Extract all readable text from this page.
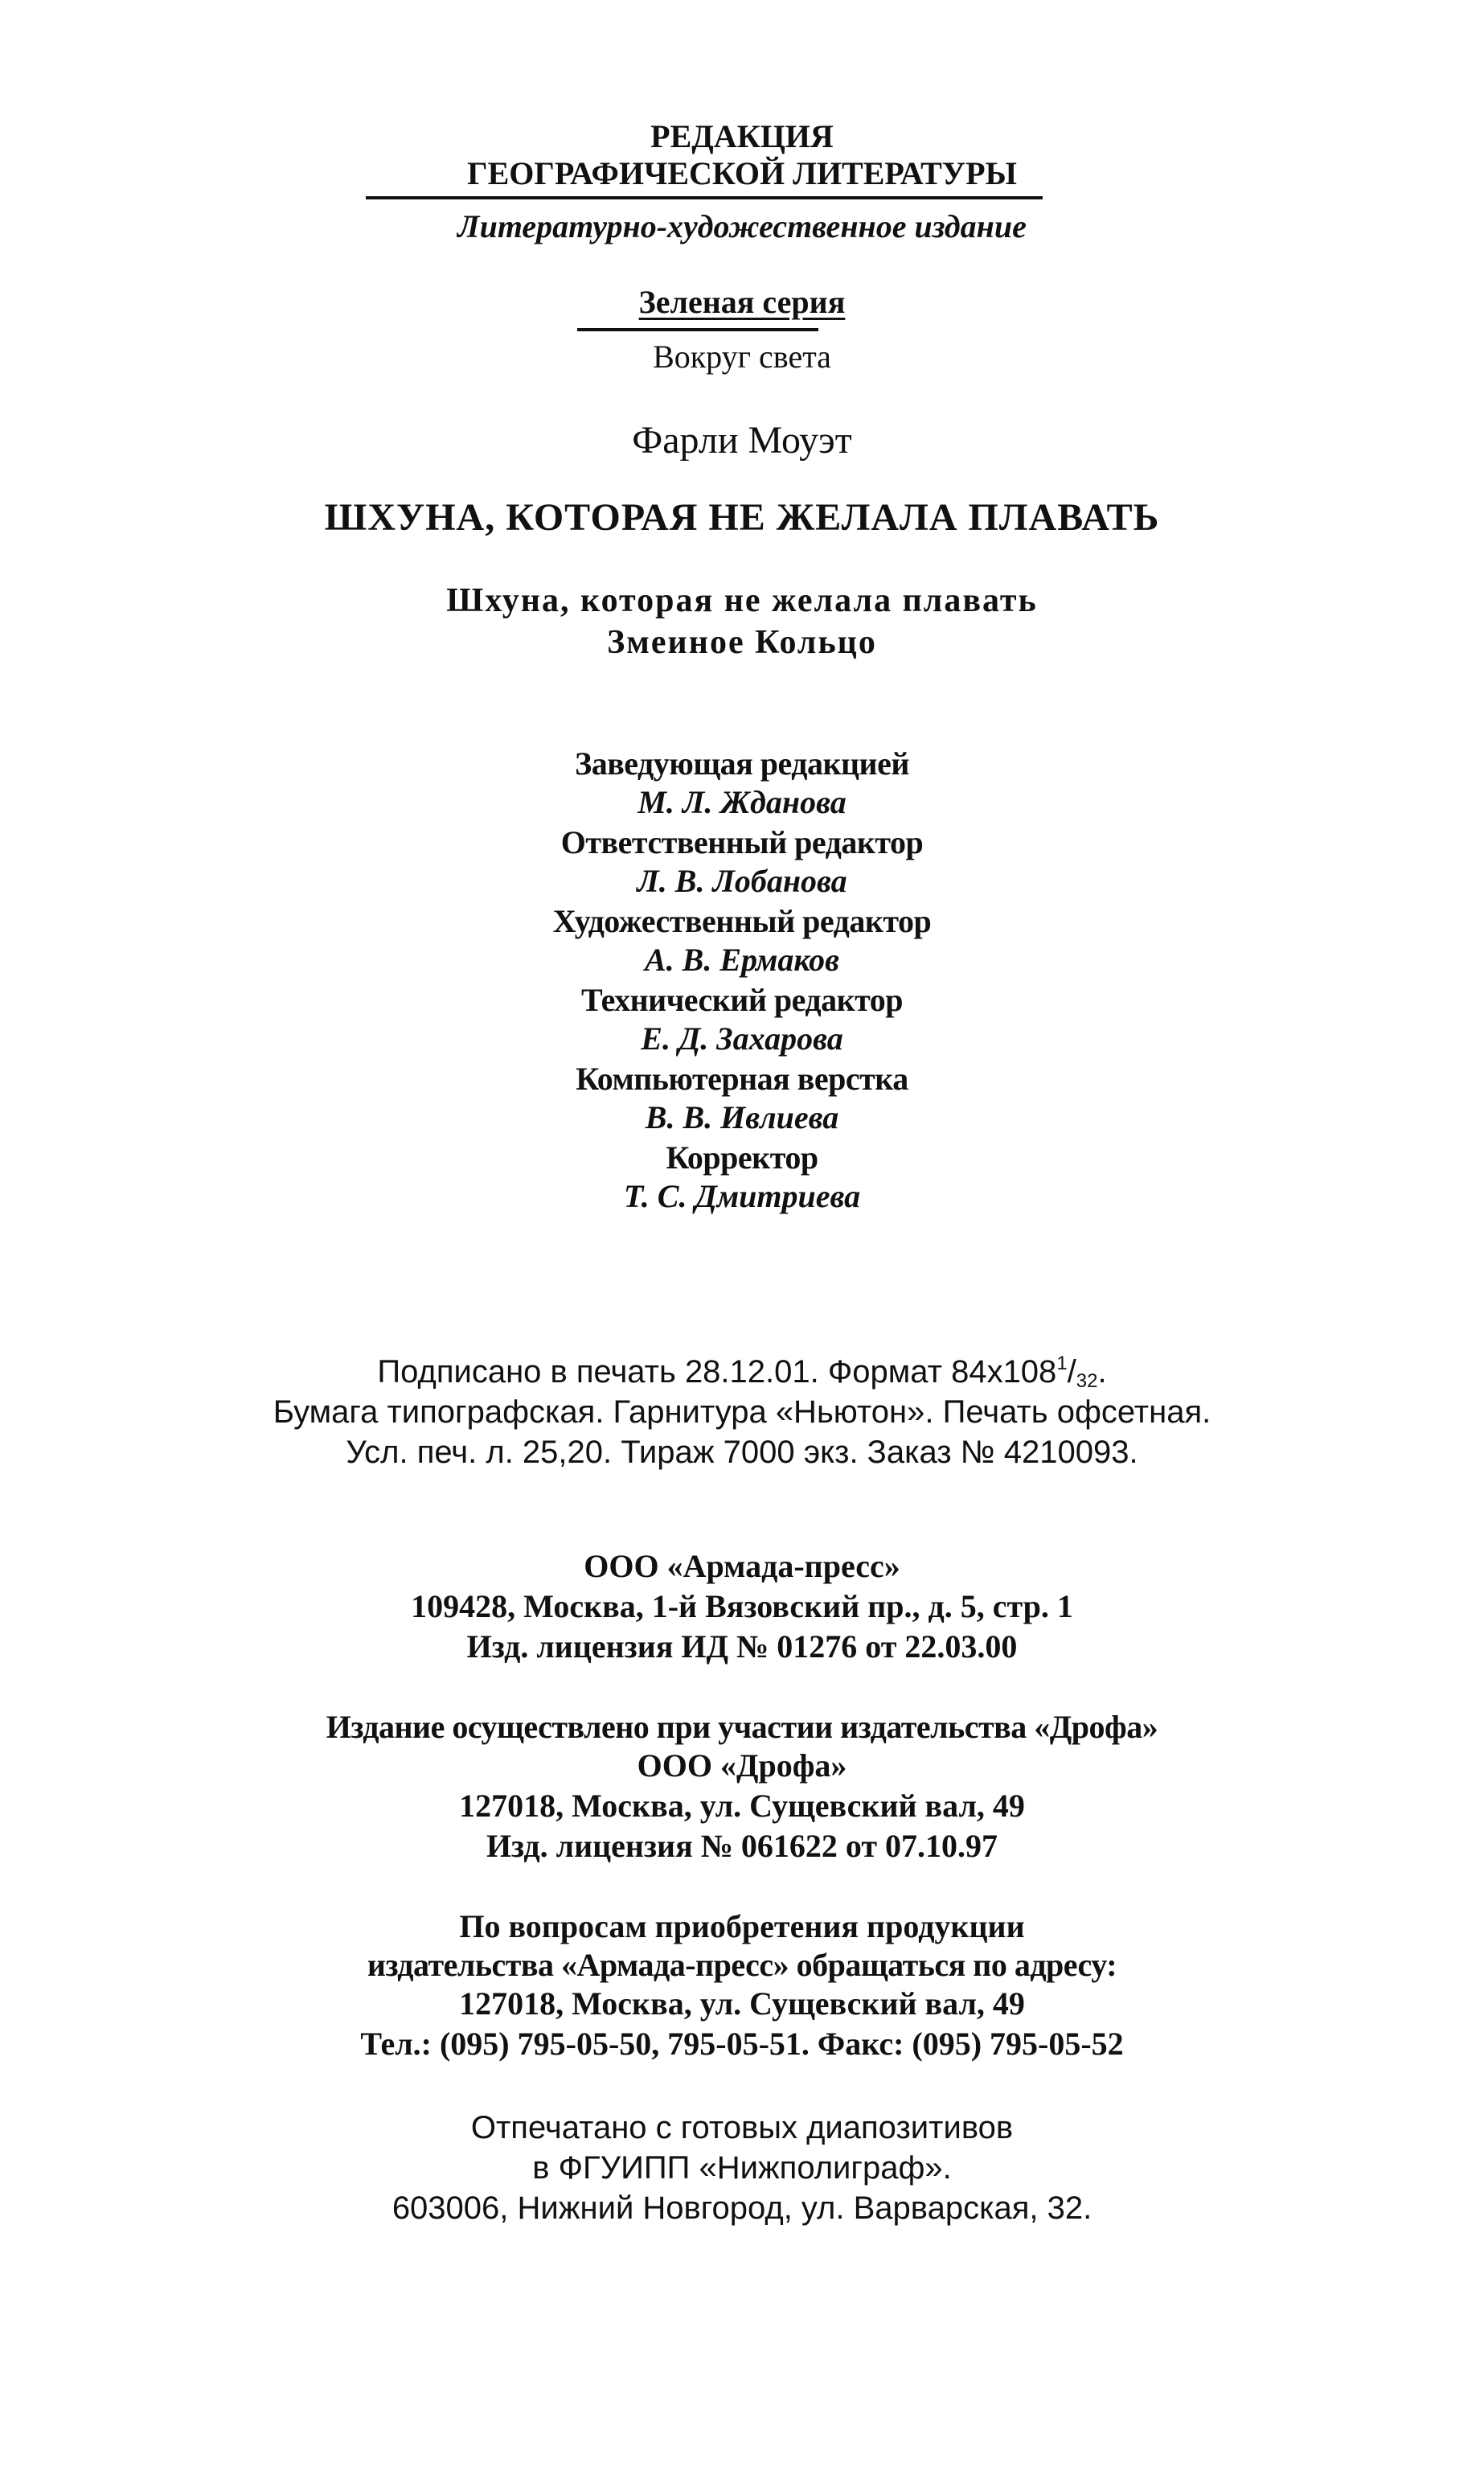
РЕДАКЦИЯ
ГЕОГРАФИЧЕСКОЙ ЛИТЕРАТУРЫ
Литературно-художественное издание
Зеленая серия
Вокруг света
Фарли Моуэт
ШХУНА, КОТОРАЯ НЕ ЖЕЛАЛА ПЛАВАТЬ
Шхуна, которая не желала плавать
Змеиное Кольцо
Заведующая редакцией
М. Л. Жданова
Ответственный редактор
Л. В. Лобанова
Художественный редактор
А. В. Ермаков
Технический редактор
Е. Д. Захарова
Компьютерная верстка
В. В. Ивлиева
Корректор
Т. С. Дмитриева
Подписано в печать 28.12.01. Формат $84x108^1/_{32}$.
Бумага типографская. Гарнитура «Ньютон». Печать офсетная.
Усл. печ. л. 25,20. Тираж 7000 экз. Заказ № 4210093.
ООО «Армада-пресс»
109428, Москва, 1-й Вязовский пр., д. 5, стр. 1
Изд. лицензия ИД № 01276 от 22.03.00
Издание осуществлено при участии издательства «Дрофа»
ООО «Дрофа»
127018, Москва, ул. Сущевский вал, 49
Изд. лицензия № 061622 от 07.10.97
По вопросам приобретения продукции
издательства «Армада-пресс» обращаться по адресу:
127018, Москва, ул. Сущевский вал, 49
Тел.: (095) 795-05-50, 795-05-51. Факс: (095) 795-05-52
Отпечатано с готовых диапозитивов
в ФГУИПП «Нижполиграф».
603006, Нижний Новгород, ул. Варварская, 32.
